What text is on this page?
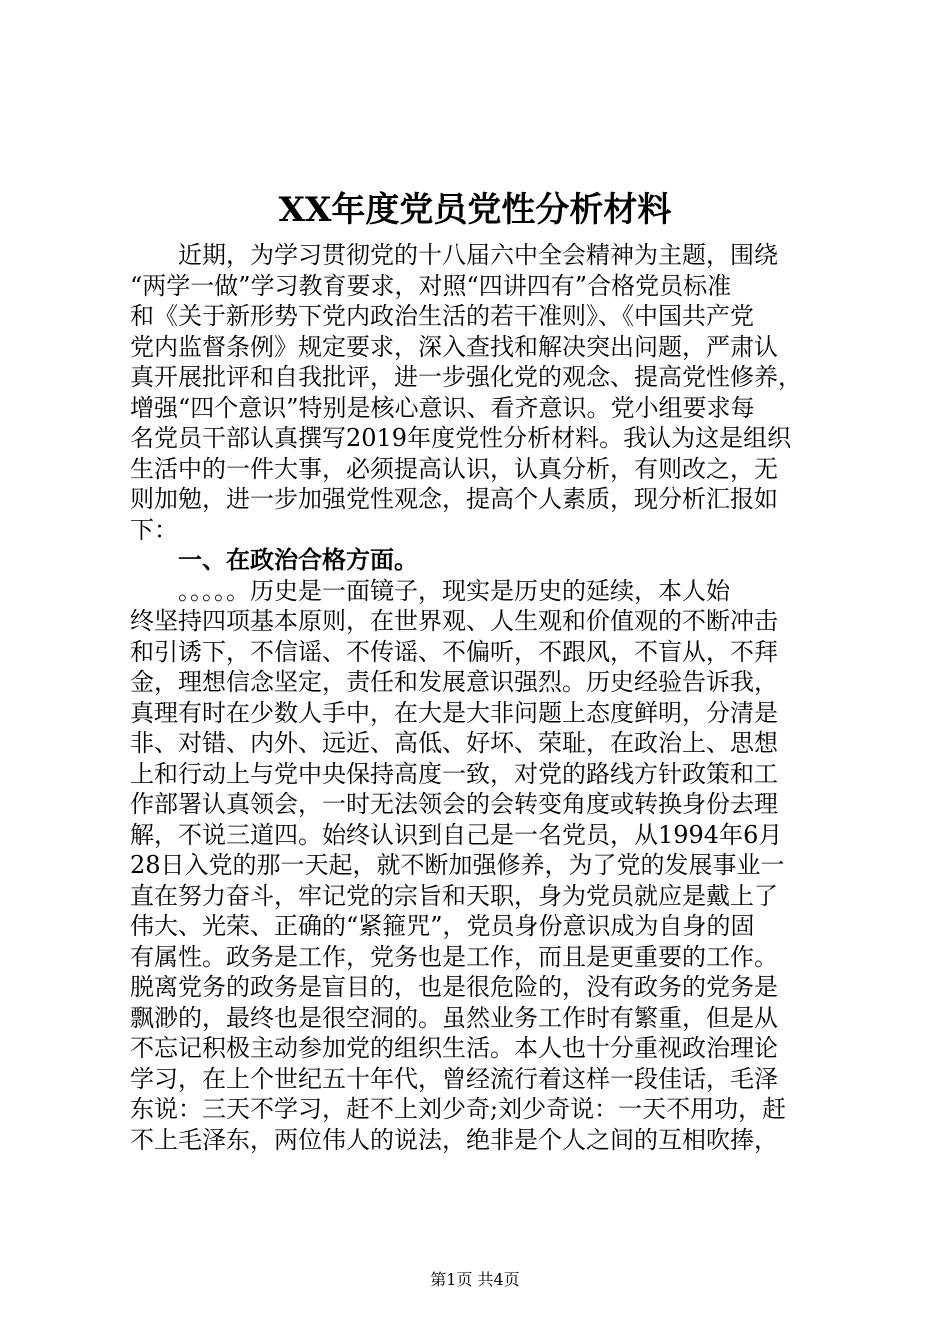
XX年度党员党性分析材料
近期，为学习贯彻党的十八届六中全会精神为主题，围绕
“两学一做”学习教育要求，对照“四讲四有”合格党员标准
和《关于新形势下党内政治生活的若干准则》、《中国共产党
党内监督条例》规定要求，深入查找和解决突出问题，严肃认
真开展批评和自我批评，进一步强化党的观念、提高党性修养，
增强“四个意识”特别是核心意识、看齐意识。党小组要求每
名党员干部认真撰写2019年度党性分析材料。我认为这是组织
生活中的一件大事，必须提高认识，认真分析，有则改之，无
则加勉，进一步加强党性观念，提高个人素质，现分析汇报如
下：
一、在政治合格方面。
。。。。。历史是一面镜子，现实是历史的延续，本人始
终坚持四项基本原则，在世界观、人生观和价值观的不断冲击
和引诱下，不信谣、不传谣、不偏听，不跟风，不盲从，不拜
金，理想信念坚定，责任和发展意识强烈。历史经验告诉我，
真理有时在少数人手中，在大是大非问题上态度鲜明，分清是
非、对错、内外、远近、高低、好坏、荣耻，在政治上、思想
上和行动上与党中央保持高度一致，对党的路线方针政策和工
作部署认真领会，一时无法领会的会转变角度或转换身份去理
解，不说三道四。始终认识到自己是一名党员，从1994年6月
28日入党的那一天起，就不断加强修养，为了党的发展事业一
直在努力奋斗，牢记党的宗旨和天职，身为党员就应是戴上了
伟大、光荣、正确的“紧箍咒”，党员身份意识成为自身的固
有属性。政务是工作，党务也是工作，而且是更重要的工作。
脱离党务的政务是盲目的，也是很危险的，没有政务的党务是
飘渺的，最终也是很空洞的。虽然业务工作时有繁重，但是从
不忘记积极主动参加党的组织生活。本人也十分重视政治理论
学习，在上个世纪五十年代，曾经流行着这样一段佳话，毛泽
东说：三天不学习，赶不上刘少奇;刘少奇说：一天不用功，赶
不上毛泽东，两位伟人的说法，绝非是个人之间的互相吹捧，
第1页 共4页
